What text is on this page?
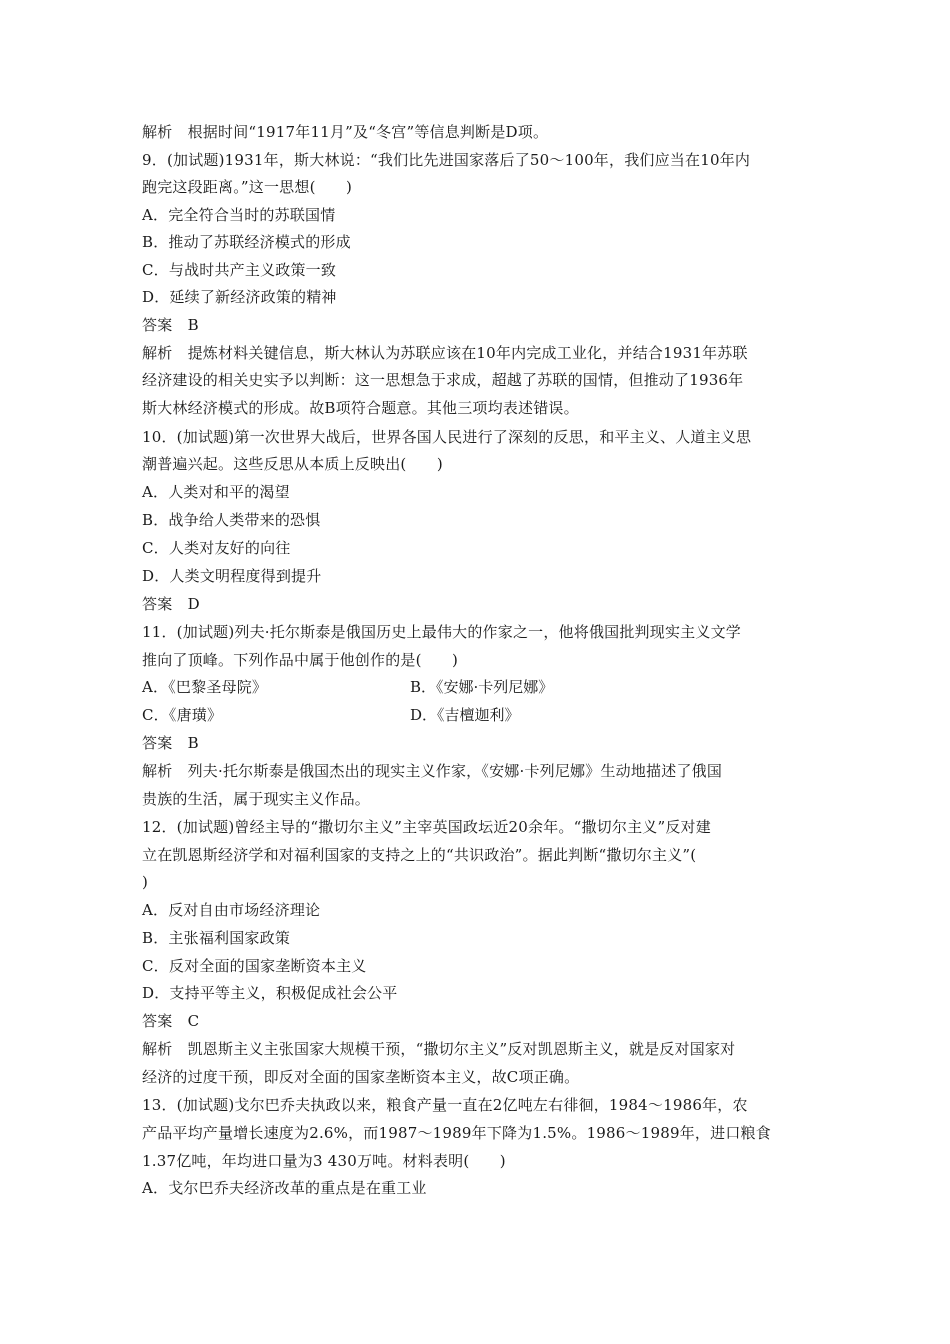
解析　根据时间“1917年11月”及“冬宫”等信息判断是D项。
9．(加试题)1931年，斯大林说：“我们比先进国家落后了50～100年，我们应当在10年内
跑完这段距离。”这一思想(　　)
A．完全符合当时的苏联国情
B．推动了苏联经济模式的形成
C．与战时共产主义政策一致
D．延续了新经济政策的精神
答案　B
解析　提炼材料关键信息，斯大林认为苏联应该在10年内完成工业化，并结合1931年苏联
经济建设的相关史实予以判断：这一思想急于求成，超越了苏联的国情，但推动了1936年
斯大林经济模式的形成。故B项符合题意。其他三项均表述错误。
10．(加试题)第一次世界大战后，世界各国人民进行了深刻的反思，和平主义、人道主义思
潮普遍兴起。这些反思从本质上反映出(　　)
A．人类对和平的渴望
B．战争给人类带来的恐惧
C．人类对友好的向往
D．人类文明程度得到提升
答案　D
11．(加试题)列夫·托尔斯泰是俄国历史上最伟大的作家之一，他将俄国批判现实主义文学
推向了顶峰。下列作品中属于他创作的是(　　)
A．《巴黎圣母院》	B．《安娜·卡列尼娜》
C．《唐璜》	D．《吉檀迦利》
答案　B
解析　列夫·托尔斯泰是俄国杰出的现实主义作家，《安娜·卡列尼娜》生动地描述了俄国
贵族的生活，属于现实主义作品。
12．(加试题)曾经主导的“撒切尔主义”主宰英国政坛近20余年。“撒切尔主义”反对建
立在凯恩斯经济学和对福利国家的支持之上的“共识政治”。据此判断“撒切尔主义”(
)
A．反对自由市场经济理论
B．主张福利国家政策
C．反对全面的国家垄断资本主义
D．支持平等主义，积极促成社会公平
答案　C
解析　凯恩斯主义主张国家大规模干预，“撒切尔主义”反对凯恩斯主义，就是反对国家对
经济的过度干预，即反对全面的国家垄断资本主义，故C项正确。
13．(加试题)戈尔巴乔夫执政以来，粮食产量一直在2亿吨左右徘徊，1984～1986年，农
产品平均产量增长速度为2.6%，而1987～1989年下降为1.5%。1986～1989年，进口粮食
1.37亿吨，年均进口量为3 430万吨。材料表明(　　)
A．戈尔巴乔夫经济改革的重点是在重工业
